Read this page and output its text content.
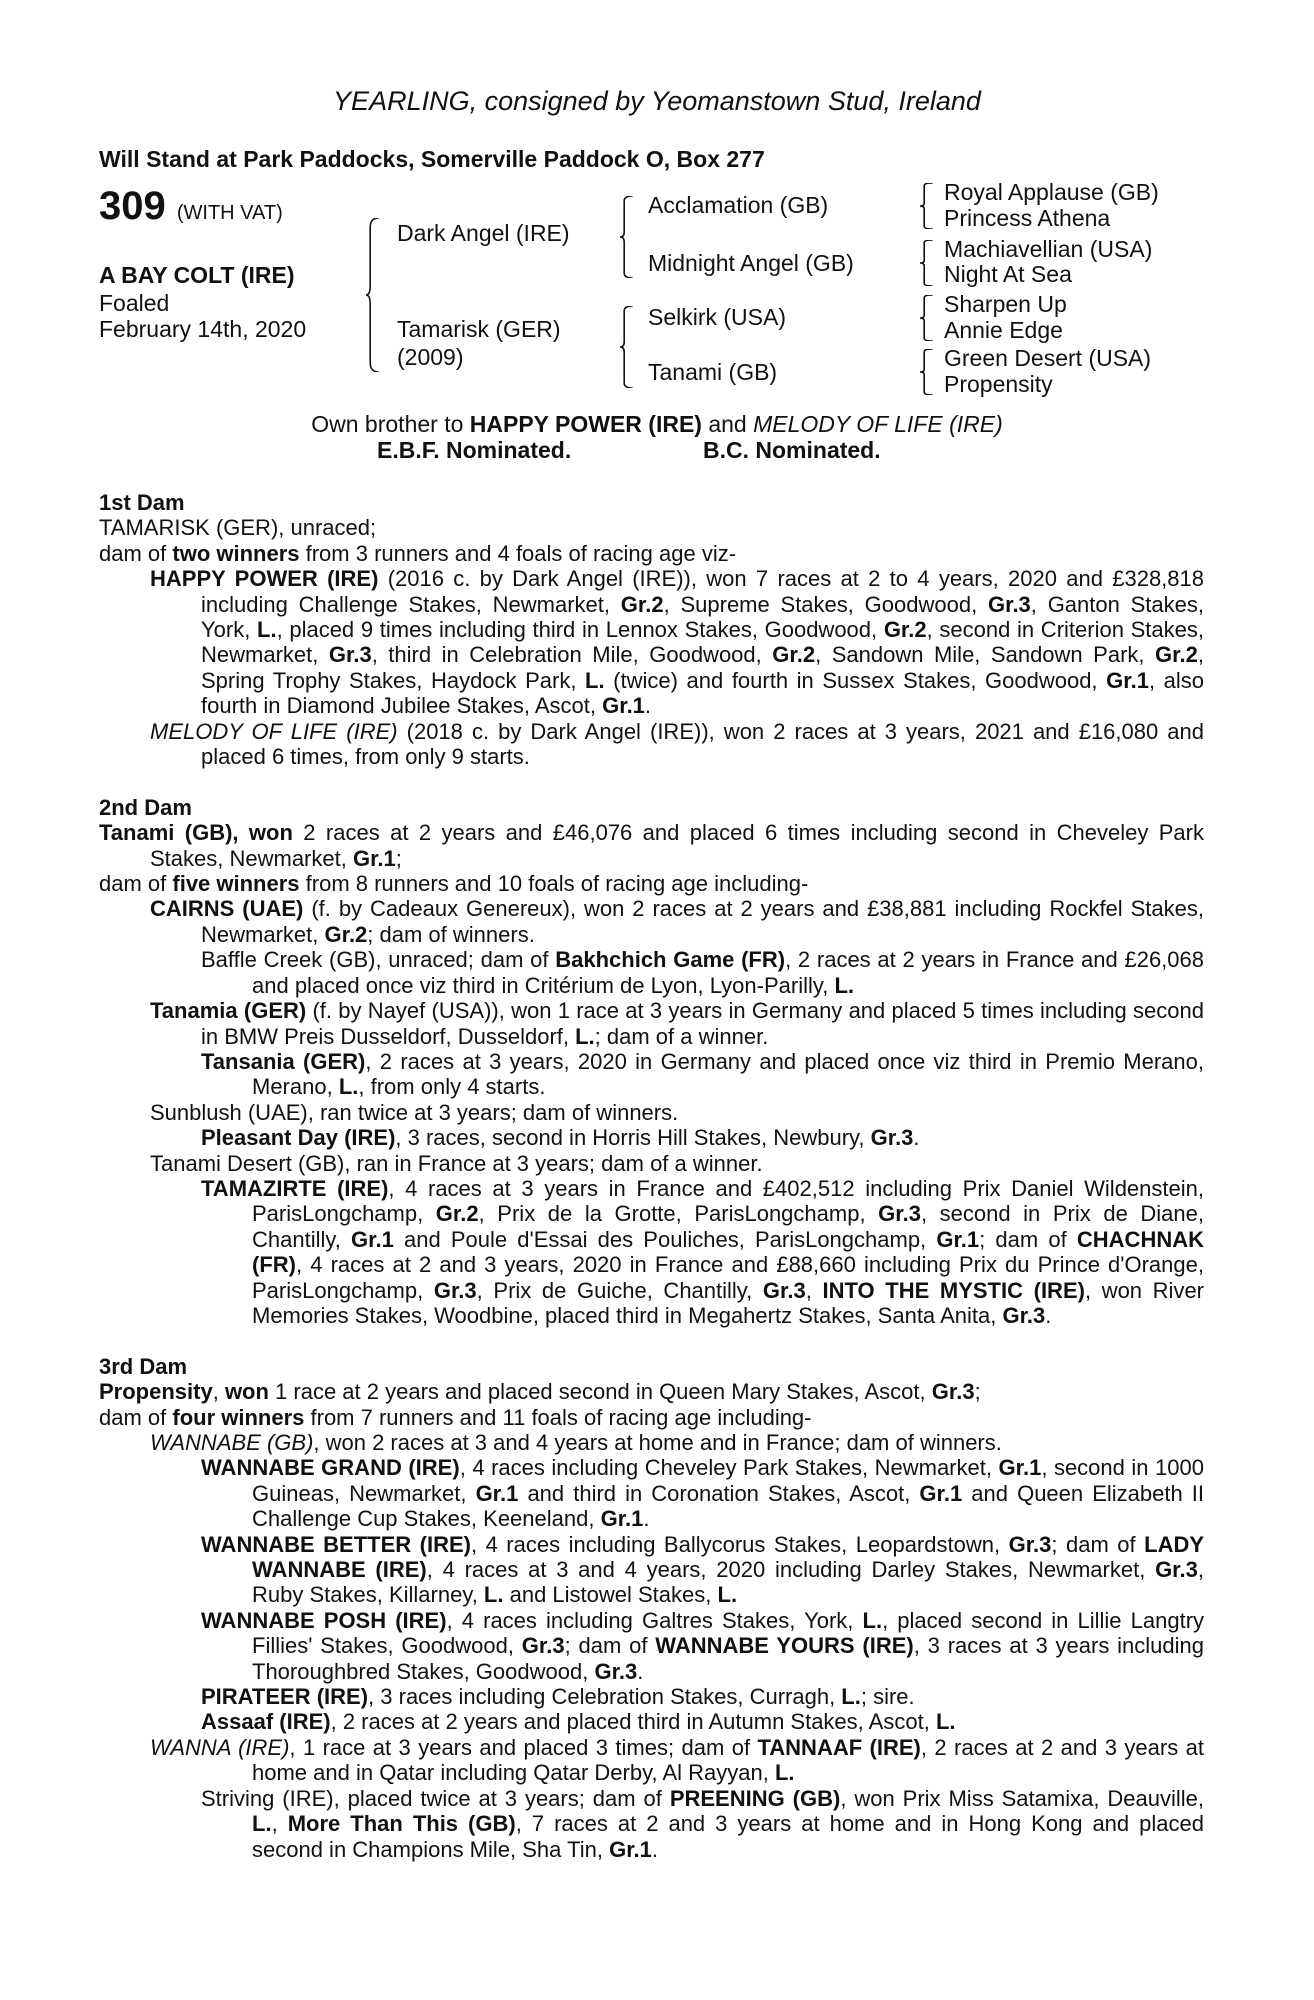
YEARLING, consigned by Yeomanstown Stud, Ireland
Will Stand at Park Paddocks, Somerville Paddock O, Box 277
309 (WITH VAT)
A BAY COLT (IRE)
Foaled
February 14th, 2020
Dark Angel (IRE)
Tamarisk (GER)
(2009)
Acclamation (GB)
Midnight Angel (GB)
Selkirk (USA)
Tanami (GB)
Royal Applause (GB)
Princess Athena
Machiavellian (USA)
Night At Sea
Sharpen Up
Annie Edge
Green Desert (USA)
Propensity
Own brother to HAPPY POWER (IRE) and MELODY OF LIFE (IRE)
E.B.F. Nominated.	B.C. Nominated.
1st Dam

TAMARISK (GER), unraced;

dam of two winners from 3 runners and 4 foals of racing age viz-

HAPPY POWER (IRE) (2016 c. by Dark Angel (IRE)), won 7 races at 2 to 4 years, 2020 and £328,818 including Challenge Stakes, Newmarket, Gr.2, Supreme Stakes, Goodwood, Gr.3, Ganton Stakes, York, L., placed 9 times including third in Lennox Stakes, Goodwood, Gr.2, second in Criterion Stakes, Newmarket, Gr.3, third in Celebration Mile, Goodwood, Gr.2, Sandown Mile, Sandown Park, Gr.2, Spring Trophy Stakes, Haydock Park, L. (twice) and fourth in Sussex Stakes, Goodwood, Gr.1, also fourth in Diamond Jubilee Stakes, Ascot, Gr.1.

MELODY OF LIFE (IRE) (2018 c. by Dark Angel (IRE)), won 2 races at 3 years, 2021 and £16,080 and placed 6 times, from only 9 starts.

2nd Dam

Tanami (GB), won 2 races at 2 years and £46,076 and placed 6 times including second in Cheveley Park Stakes, Newmarket, Gr.1;

dam of five winners from 8 runners and 10 foals of racing age including-

CAIRNS (UAE) (f. by Cadeaux Genereux), won 2 races at 2 years and £38,881 including Rockfel Stakes, Newmarket, Gr.2; dam of winners.

Baffle Creek (GB), unraced; dam of Bakhchich Game (FR), 2 races at 2 years in France and £26,068 and placed once viz third in Critérium de Lyon, Lyon-Parilly, L.

Tanamia (GER) (f. by Nayef (USA)), won 1 race at 3 years in Germany and placed 5 times including second in BMW Preis Dusseldorf, Dusseldorf, L.; dam of a winner.

Tansania (GER), 2 races at 3 years, 2020 in Germany and placed once viz third in Premio Merano, Merano, L., from only 4 starts.

Sunblush (UAE), ran twice at 3 years; dam of winners.

Pleasant Day (IRE), 3 races, second in Horris Hill Stakes, Newbury, Gr.3.

Tanami Desert (GB), ran in France at 3 years; dam of a winner.

TAMAZIRTE (IRE), 4 races at 3 years in France and £402,512 including Prix Daniel Wildenstein, ParisLongchamp, Gr.2, Prix de la Grotte, ParisLongchamp, Gr.3, second in Prix de Diane, Chantilly, Gr.1 and Poule d'Essai des Pouliches, ParisLongchamp, Gr.1; dam of CHACHNAK (FR), 4 races at 2 and 3 years, 2020 in France and £88,660 including Prix du Prince d'Orange, ParisLongchamp, Gr.3, Prix de Guiche, Chantilly, Gr.3, INTO THE MYSTIC (IRE), won River Memories Stakes, Woodbine, placed third in Megahertz Stakes, Santa Anita, Gr.3.

3rd Dam

Propensity, won 1 race at 2 years and placed second in Queen Mary Stakes, Ascot, Gr.3;

dam of four winners from 7 runners and 11 foals of racing age including-

WANNABE (GB), won 2 races at 3 and 4 years at home and in France; dam of winners.

WANNABE GRAND (IRE), 4 races including Cheveley Park Stakes, Newmarket, Gr.1, second in 1000 Guineas, Newmarket, Gr.1 and third in Coronation Stakes, Ascot, Gr.1 and Queen Elizabeth II Challenge Cup Stakes, Keeneland, Gr.1.

WANNABE BETTER (IRE), 4 races including Ballycorus Stakes, Leopardstown, Gr.3; dam of LADY WANNABE (IRE), 4 races at 3 and 4 years, 2020 including Darley Stakes, Newmarket, Gr.3, Ruby Stakes, Killarney, L. and Listowel Stakes, L.

WANNABE POSH (IRE), 4 races including Galtres Stakes, York, L., placed second in Lillie Langtry Fillies' Stakes, Goodwood, Gr.3; dam of WANNABE YOURS (IRE), 3 races at 3 years including Thoroughbred Stakes, Goodwood, Gr.3.

PIRATEER (IRE), 3 races including Celebration Stakes, Curragh, L.; sire.

Assaaf (IRE), 2 races at 2 years and placed third in Autumn Stakes, Ascot, L.

WANNA (IRE), 1 race at 3 years and placed 3 times; dam of TANNAAF (IRE), 2 races at 2 and 3 years at home and in Qatar including Qatar Derby, Al Rayyan, L.

Striving (IRE), placed twice at 3 years; dam of PREENING (GB), won Prix Miss Satamixa, Deauville, L., More Than This (GB), 7 races at 2 and 3 years at home and in Hong Kong and placed second in Champions Mile, Sha Tin, Gr.1.
